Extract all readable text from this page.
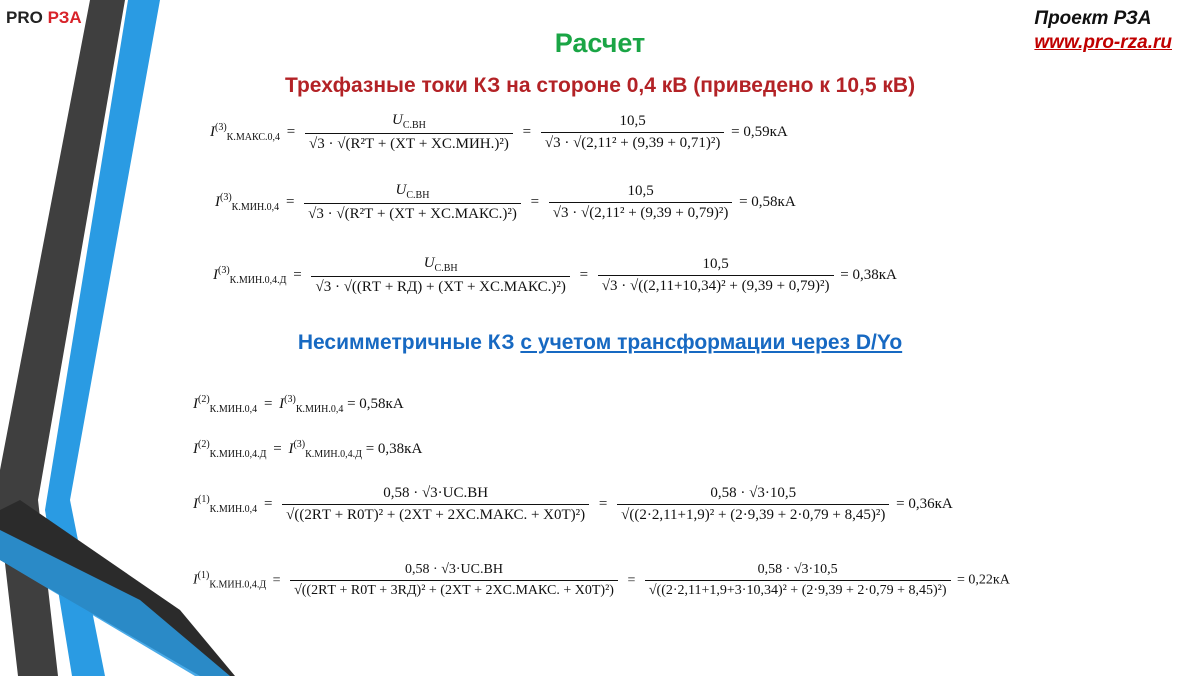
PRO РЗА	Проект РЗА
www.pro-rza.ru
Расчет
Трехфазные токи КЗ на стороне 0,4 кВ (приведено к 10,5 кВ)
$I^{(3)}_{К.МАКС.0,4} = \frac{U_{С.ВН}}{\text{√3 · √(R²Т + (XТ + XС.МИН.)²)}} = \frac{10,5}{\text{√3 · √(2,11² + (9,39 + 0,71)²)}} = 0,59кА$
$I^{(3)}_{К.МИН.0,4} = \frac{U_{С.ВН}}{\text{√3 · √(R²Т + (XТ + XС.МАКС.)²)}} = \frac{10,5}{\text{√3 · √(2,11² + (9,39 + 0,79)²)}} = 0,58кА$
$I^{(3)}_{К.МИН.0,4.Д} = \frac{U_{С.ВН}}{\text{√3 · √((RТ + RД) + (XТ + XС.МАКС.)²)}} = \frac{10,5}{\text{√3 · √((2,11+10,34)² + (9,39 + 0,79)²)}} = 0,38кА$
Несимметричные КЗ с учетом трансформации через D/Yo
$I^{(2)}_{К.МИН.0,4} = I^{(3)}_{К.МИН.0,4} = 0,58кА$
$I^{(2)}_{К.МИН.0,4.Д} = I^{(3)}_{К.МИН.0,4.Д} = 0,38кА$
$I^{(1)}_{К.МИН.0,4} = \frac{0,58 \cdot √3\cdot UС.ВН}{\text{√((2RТ + R0Т)² + (2XТ + 2XС.МАКС. + X0Т)²)}} = \frac{0,58 \cdot √3\cdot 10,5}{\text{√((2·2,11+1,9)² + (2·9,39 + 2·0,79 + 8,45)²)}} = 0,36кА$
$I^{(1)}_{К.МИН.0,4.Д} = \frac{0,58 \cdot √3\cdot UС.ВН}{\text{√((2RТ + R0Т + 3RД)² + (2XТ + 2XС.МАКС. + X0Т)²)}} = \frac{0,58 \cdot √3\cdot 10,5}{\text{√((2·2,11+1,9+3·10,34)² + (2·9,39 + 2·0,79 + 8,45)²)}} = 0,22кА$
